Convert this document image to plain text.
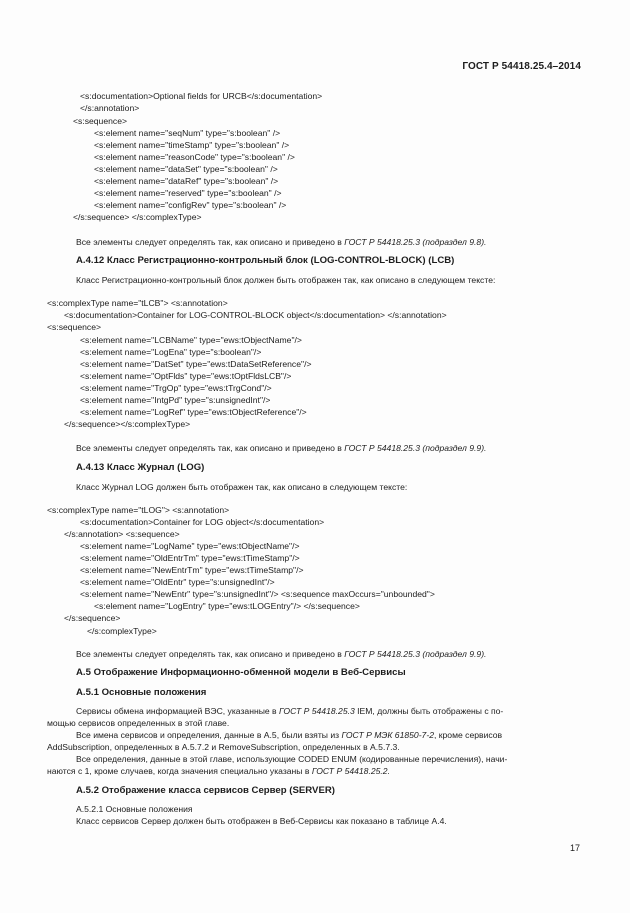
ГОСТ Р 54418.25.4–2014
<s:documentation>Optional fields for URCB</s:documentation>
</s:annotation>
<s:sequence>
<s:element name="seqNum" type="s:boolean" />
<s:element name="timeStamp" type="s:boolean" />
<s:element name="reasonCode" type="s:boolean" />
<s:element name="dataSet" type="s:boolean" />
<s:element name="dataRef" type="s:boolean" />
<s:element name="reserved" type="s:boolean" />
<s:element name="configRev" type="s:boolean" />
</s:sequence> </s:complexType>
Все элементы следует определять так, как описано и приведено в ГОСТ Р 54418.25.3 (подраздел 9.8).
А.4.12 Класс Регистрационно-контрольный блок (LOG-CONTROL-BLOCK) (LCB)
Класс Регистрационно-контрольный блок должен быть отображен так, как описано в следующем тексте:
<s:complexType name="tLCB"> <s:annotation>
<s:documentation>Container for LOG-CONTROL-BLOCK object</s:documentation> </s:annotation>
<s:sequence>
<s:element name="LCBName" type="ews:tObjectName"/>
<s:element name="LogEna" type="s:boolean"/>
<s:element name="DatSet" type="ews:tDataSetReference"/>
<s:element name="OptFlds" type="ews:tOptFldsLCB"/>
<s:element name="TrgOp" type="ews:tTrgCond"/>
<s:element name="IntgPd" type="s:unsignedInt"/>
<s:element name="LogRef" type="ews:tObjectReference"/>
</s:sequence></s:complexType>
Все элементы следует определять так, как описано и приведено в ГОСТ Р 54418.25.3 (подраздел 9.9).
А.4.13 Класс Журнал (LOG)
Класс Журнал LOG должен быть отображен так, как описано в следующем тексте:
<s:complexType name="tLOG"> <s:annotation>
<s:documentation>Container for LOG object</s:documentation>
</s:annotation> <s:sequence>
<s:element name="LogName" type="ews:tObjectName"/>
<s:element name="OldEntrTm" type="ews:tTimeStamp"/>
<s:element name="NewEntrTm" type="ews:tTimeStamp"/>
<s:element name="OldEntr" type="s:unsignedInt"/>
<s:element name="NewEntr" type="s:unsignedInt"/> <s:sequence maxOccurs="unbounded">
<s:element name="LogEntry" type="ews:tLOGEntry"/> </s:sequence>
</s:sequence>
</s:complexType>
Все элементы следует определять так, как описано и приведено в ГОСТ Р 54418.25.3 (подраздел 9.9).
А.5 Отображение Информационно-обменной модели в Веб-Сервисы
А.5.1 Основные положения
Сервисы обмена информацией ВЭС, указанные в ГОСТ Р 54418.25.3 IEM, должны быть отображены с по-
мощью сервисов определенных в этой главе.
Все имена сервисов и определения, данные в А.5, были взяты из ГОСТ Р МЭК 61850-7-2, кроме сервисов
AddSubscription, определенных в А.5.7.2 и RemoveSubscription, определенных в А.5.7.3.
Все определения, данные в этой главе, использующие CODED ENUM (кодированные перечисления), начи-
наются с 1, кроме случаев, когда значения специально указаны в ГОСТ Р 54418.25.2.
А.5.2 Отображение класса сервисов Сервер (SERVER)
А.5.2.1 Основные положения
Класс сервисов Сервер должен быть отображен в Веб-Сервисы как показано в таблице А.4.
17
